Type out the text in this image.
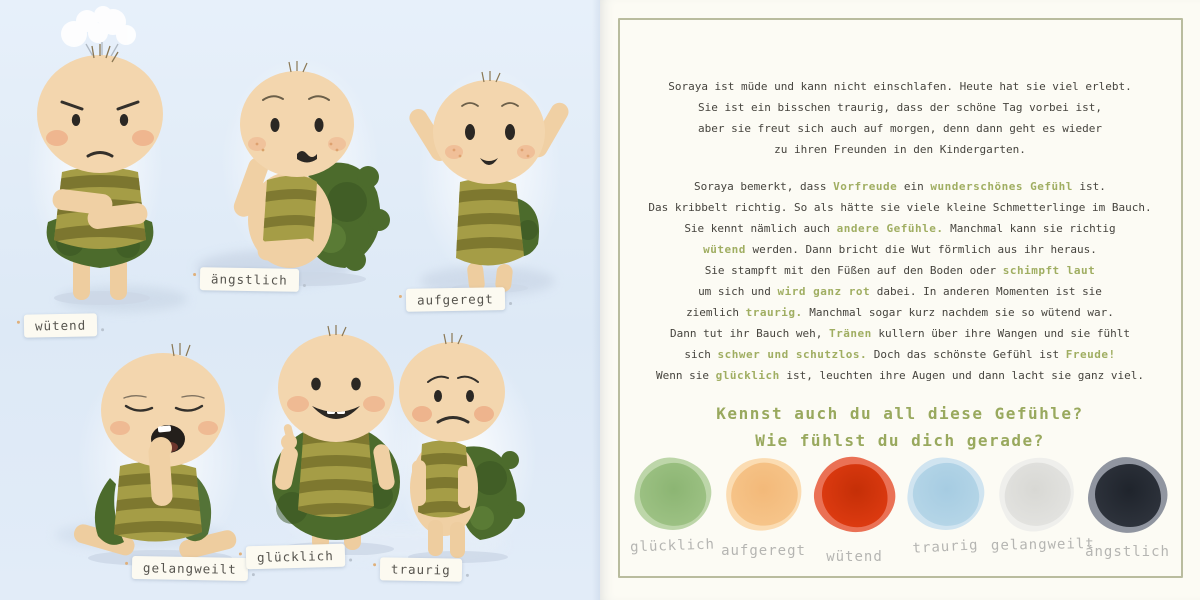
wütend
ängstlich
aufgeregt
gelangweilt
glücklich
traurig
Soraya ist müde und kann nicht einschlafen. Heute hat sie viel erlebt.
Sie ist ein bisschen traurig, dass der schöne Tag vorbei ist,
aber sie freut sich auch auf morgen, denn dann geht es wieder
zu ihren Freunden in den Kindergarten.
Soraya bemerkt, dass Vorfreude ein wunderschönes Gefühl ist.
Das kribbelt richtig. So als hätte sie viele kleine Schmetterlinge im Bauch.
Sie kennt nämlich auch andere Gefühle. Manchmal kann sie richtig
wütend werden. Dann bricht die Wut förmlich aus ihr heraus.
Sie stampft mit den Füßen auf den Boden oder schimpft laut
um sich und wird ganz rot dabei. In anderen Momenten ist sie
ziemlich traurig. Manchmal sogar kurz nachdem sie so wütend war.
Dann tut ihr Bauch weh, Tränen kullern über ihre Wangen und sie fühlt
sich schwer und schutzlos. Doch das schönste Gefühl ist Freude!
Wenn sie glücklich ist, leuchten ihre Augen und dann lacht sie ganz viel.
Kennst auch du all diese Gefühle?
Wie fühlst du dich gerade?
glücklich aufgeregt	wütend
traurig gelangweilt
ängstlich
